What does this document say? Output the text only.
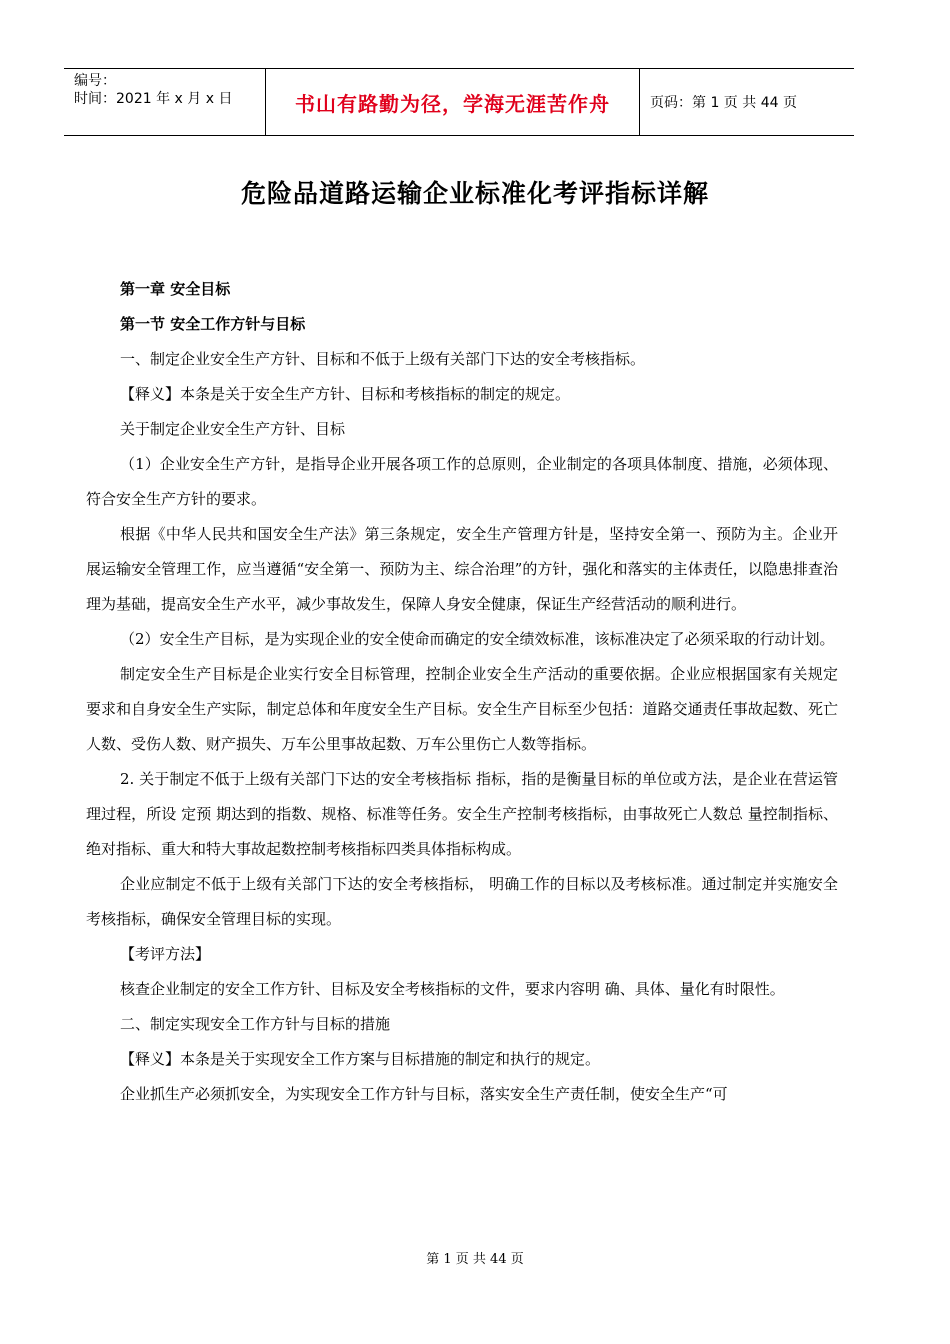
编号：
时间：2021 年 x 月 x 日	书山有路勤为径，学海无涯苦作舟	页码：第 1 页 共 44 页
危险品道路运输企业标准化考评指标详解

第一章 安全目标

第一节 安全工作方针与目标

一、制定企业安全生产方针、目标和不低于上级有关部门下达的安全考核指标。

【释义】本条是关于安全生产方针、目标和考核指标的制定的规定。

关于制定企业安全生产方针、目标

（1）企业安全生产方针，是指导企业开展各项工作的总原则，企业制定的各项具体制度、措施，必须体现、符合安全生产方针的要求。

根据《中华人民共和国安全生产法》第三条规定，安全生产管理方针是，坚持安全第一、预防为主。企业开展运输安全管理工作，应当遵循“安全第一、预防为主、综合治理”的方针，强化和落实的主体责任，以隐患排查治理为基础，提高安全生产水平，减少事故发生，保障人身安全健康，保证生产经营活动的顺利进行。

（2）安全生产目标，是为实现企业的安全使命而确定的安全绩效标准，该标准决定了必须采取的行动计划。

制定安全生产目标是企业实行安全目标管理，控制企业安全生产活动的重要依据。企业应根据国家有关规定要求和自身安全生产实际，制定总体和年度安全生产目标。安全生产目标至少包括：道路交通责任事故起数、死亡人数、受伤人数、财产损失、万车公里事故起数、万车公里伤亡人数等指标。

2. 关于制定不低于上级有关部门下达的安全考核指标 指标，指的是衡量目标的单位或方法，是企业在营运管理过程，所设 定预 期达到的指数、规格、标准等任务。安全生产控制考核指标，由事故死亡人数总 量控制指标、绝对指标、重大和特大事故起数控制考核指标四类具体指标构成。

企业应制定不低于上级有关部门下达的安全考核指标， 明确工作的目标以及考核标准。通过制定并实施安全考核指标，确保安全管理目标的实现。

【考评方法】

核查企业制定的安全工作方针、目标及安全考核指标的文件，要求内容明 确、具体、量化有时限性。

二、制定实现安全工作方针与目标的措施

【释义】本条是关于实现安全工作方案与目标措施的制定和执行的规定。

企业抓生产必须抓安全，为实现安全工作方针与目标，落实安全生产责任制，使安全生产“可

第 1 页 共 44 页
